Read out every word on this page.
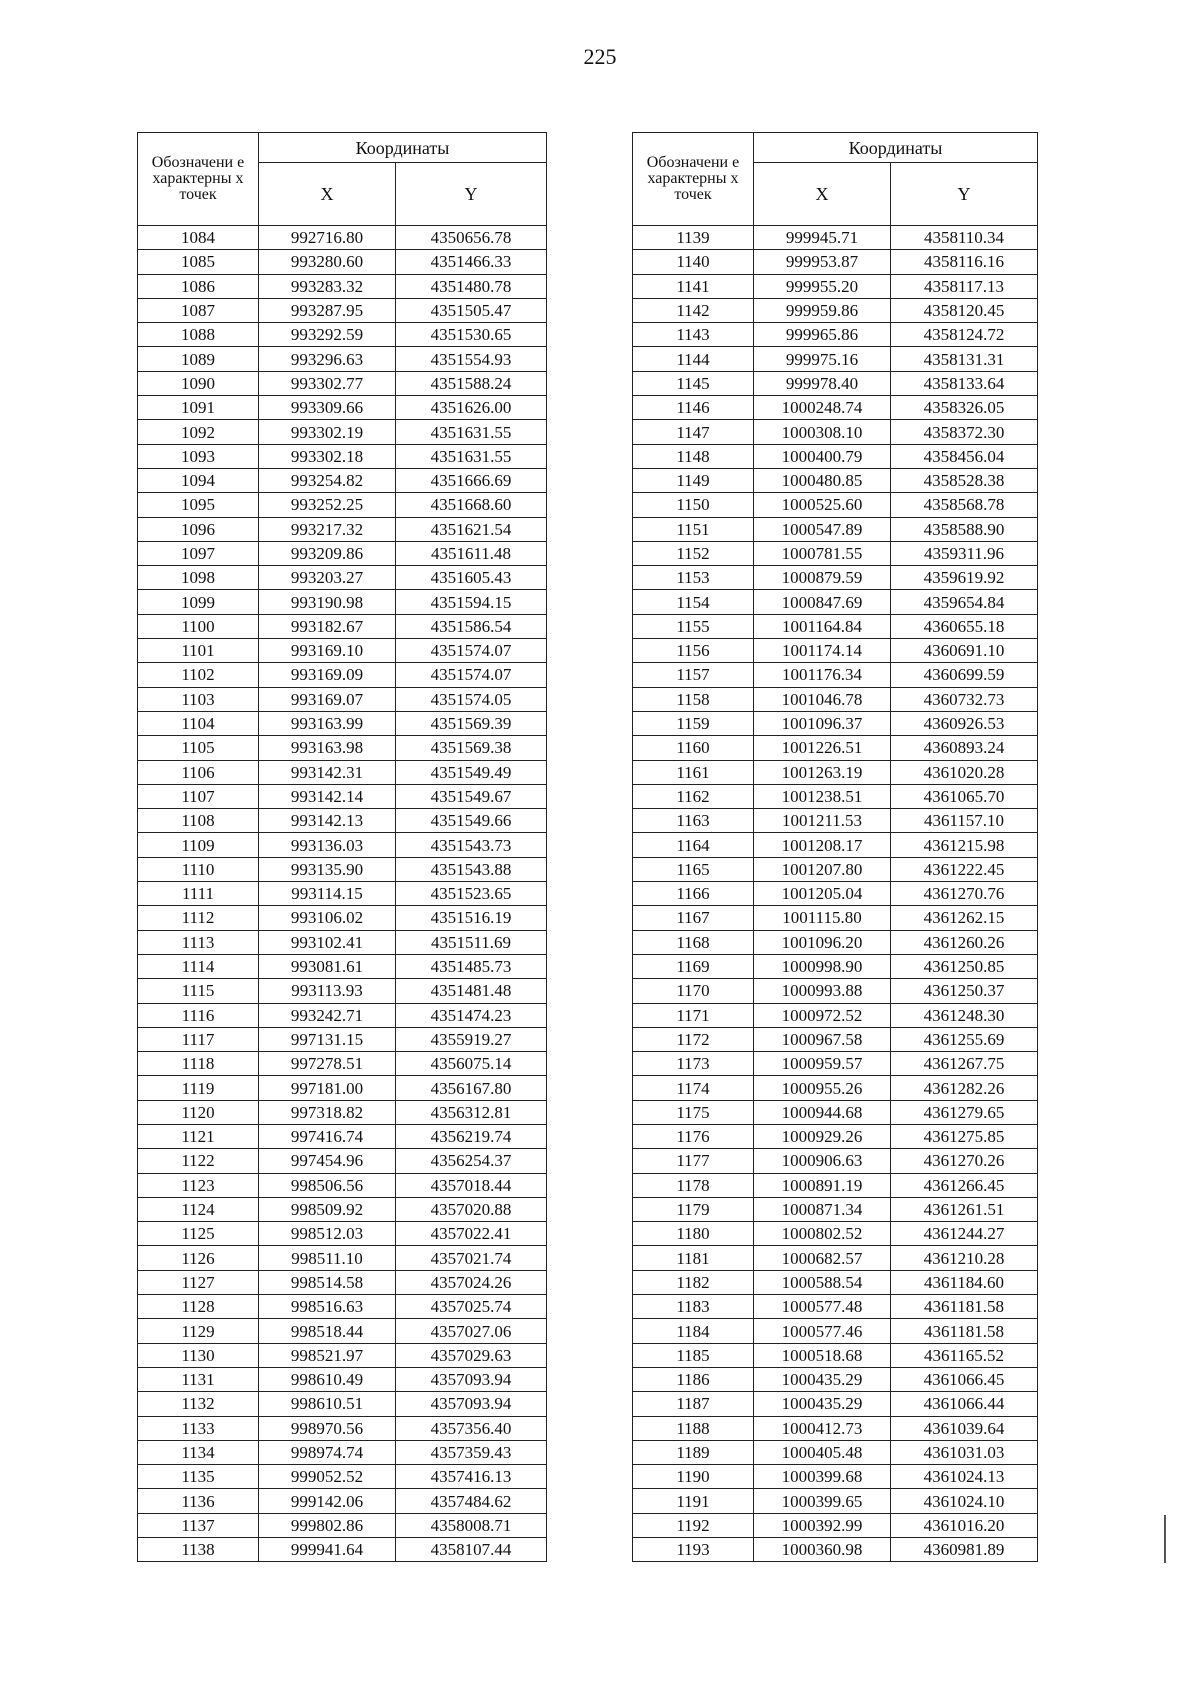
225
Обозначени е характерны х точек	Координаты	
	X	Y
1084	992716.80	4350656.78
1085	993280.60	4351466.33
1086	993283.32	4351480.78
1087	993287.95	4351505.47
1088	993292.59	4351530.65
1089	993296.63	4351554.93
1090	993302.77	4351588.24
1091	993309.66	4351626.00
1092	993302.19	4351631.55
1093	993302.18	4351631.55
1094	993254.82	4351666.69
1095	993252.25	4351668.60
1096	993217.32	4351621.54
1097	993209.86	4351611.48
1098	993203.27	4351605.43
1099	993190.98	4351594.15
1100	993182.67	4351586.54
1101	993169.10	4351574.07
1102	993169.09	4351574.07
1103	993169.07	4351574.05
1104	993163.99	4351569.39
1105	993163.98	4351569.38
1106	993142.31	4351549.49
1107	993142.14	4351549.67
1108	993142.13	4351549.66
1109	993136.03	4351543.73
1110	993135.90	4351543.88
1111	993114.15	4351523.65
1112	993106.02	4351516.19
1113	993102.41	4351511.69
1114	993081.61	4351485.73
1115	993113.93	4351481.48
1116	993242.71	4351474.23
1117	997131.15	4355919.27
1118	997278.51	4356075.14
1119	997181.00	4356167.80
1120	997318.82	4356312.81
1121	997416.74	4356219.74
1122	997454.96	4356254.37
1123	998506.56	4357018.44
1124	998509.92	4357020.88
1125	998512.03	4357022.41
1126	998511.10	4357021.74
1127	998514.58	4357024.26
1128	998516.63	4357025.74
1129	998518.44	4357027.06
1130	998521.97	4357029.63
1131	998610.49	4357093.94
1132	998610.51	4357093.94
1133	998970.56	4357356.40
1134	998974.74	4357359.43
1135	999052.52	4357416.13
1136	999142.06	4357484.62
1137	999802.86	4358008.71
1138	999941.64	4358107.44
Обозначени е характерны х точек	Координаты	
	X	Y
1139	999945.71	4358110.34
1140	999953.87	4358116.16
1141	999955.20	4358117.13
1142	999959.86	4358120.45
1143	999965.86	4358124.72
1144	999975.16	4358131.31
1145	999978.40	4358133.64
1146	1000248.74	4358326.05
1147	1000308.10	4358372.30
1148	1000400.79	4358456.04
1149	1000480.85	4358528.38
1150	1000525.60	4358568.78
1151	1000547.89	4358588.90
1152	1000781.55	4359311.96
1153	1000879.59	4359619.92
1154	1000847.69	4359654.84
1155	1001164.84	4360655.18
1156	1001174.14	4360691.10
1157	1001176.34	4360699.59
1158	1001046.78	4360732.73
1159	1001096.37	4360926.53
1160	1001226.51	4360893.24
1161	1001263.19	4361020.28
1162	1001238.51	4361065.70
1163	1001211.53	4361157.10
1164	1001208.17	4361215.98
1165	1001207.80	4361222.45
1166	1001205.04	4361270.76
1167	1001115.80	4361262.15
1168	1001096.20	4361260.26
1169	1000998.90	4361250.85
1170	1000993.88	4361250.37
1171	1000972.52	4361248.30
1172	1000967.58	4361255.69
1173	1000959.57	4361267.75
1174	1000955.26	4361282.26
1175	1000944.68	4361279.65
1176	1000929.26	4361275.85
1177	1000906.63	4361270.26
1178	1000891.19	4361266.45
1179	1000871.34	4361261.51
1180	1000802.52	4361244.27
1181	1000682.57	4361210.28
1182	1000588.54	4361184.60
1183	1000577.48	4361181.58
1184	1000577.46	4361181.58
1185	1000518.68	4361165.52
1186	1000435.29	4361066.45
1187	1000435.29	4361066.44
1188	1000412.73	4361039.64
1189	1000405.48	4361031.03
1190	1000399.68	4361024.13
1191	1000399.65	4361024.10
1192	1000392.99	4361016.20
1193	1000360.98	4360981.89
